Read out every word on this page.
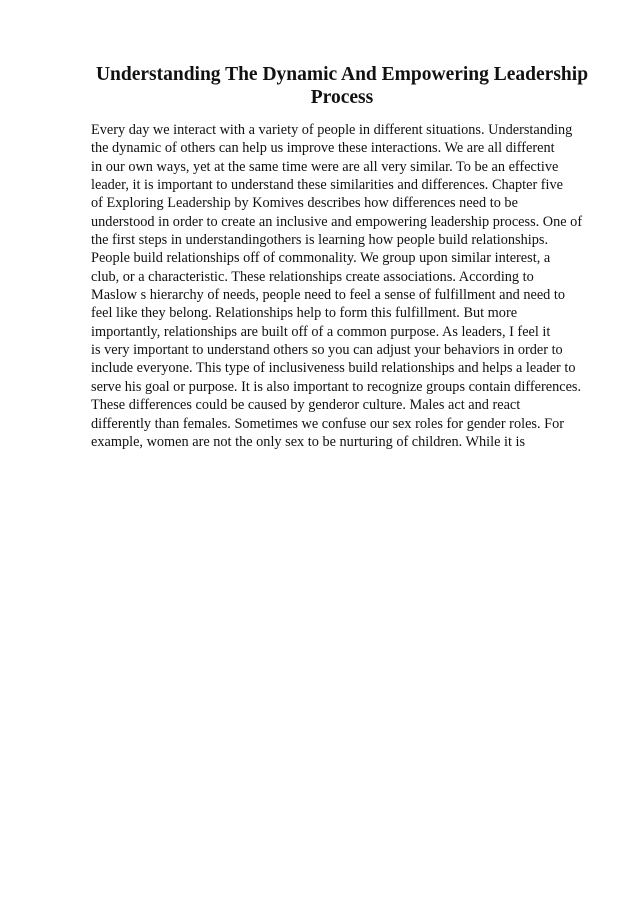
Understanding The Dynamic And Empowering Leadership
Process
Every day we interact with a variety of people in different situations. Understanding
the dynamic of others can help us improve these interactions. We are all different
in our own ways, yet at the same time were are all very similar. To be an effective
leader, it is important to understand these similarities and differences. Chapter five
of Exploring Leadership by Komives describes how differences need to be
understood in order to create an inclusive and empowering leadership process. One of
the first steps in understandingothers is learning how people build relationships.
People build relationships off of commonality. We group upon similar interest, a
club, or a characteristic. These relationships create associations. According to
Maslow s hierarchy of needs, people need to feel a sense of fulfillment and need to
feel like they belong. Relationships help to form this fulfillment. But more
importantly, relationships are built off of a common purpose. As leaders, I feel it
is very important to understand others so you can adjust your behaviors in order to
include everyone. This type of inclusiveness build relationships and helps a leader to
serve his goal or purpose. It is also important to recognize groups contain differences.
These differences could be caused by genderor culture. Males act and react
differently than females. Sometimes we confuse our sex roles for gender roles. For
example, women are not the only sex to be nurturing of children. While it is
